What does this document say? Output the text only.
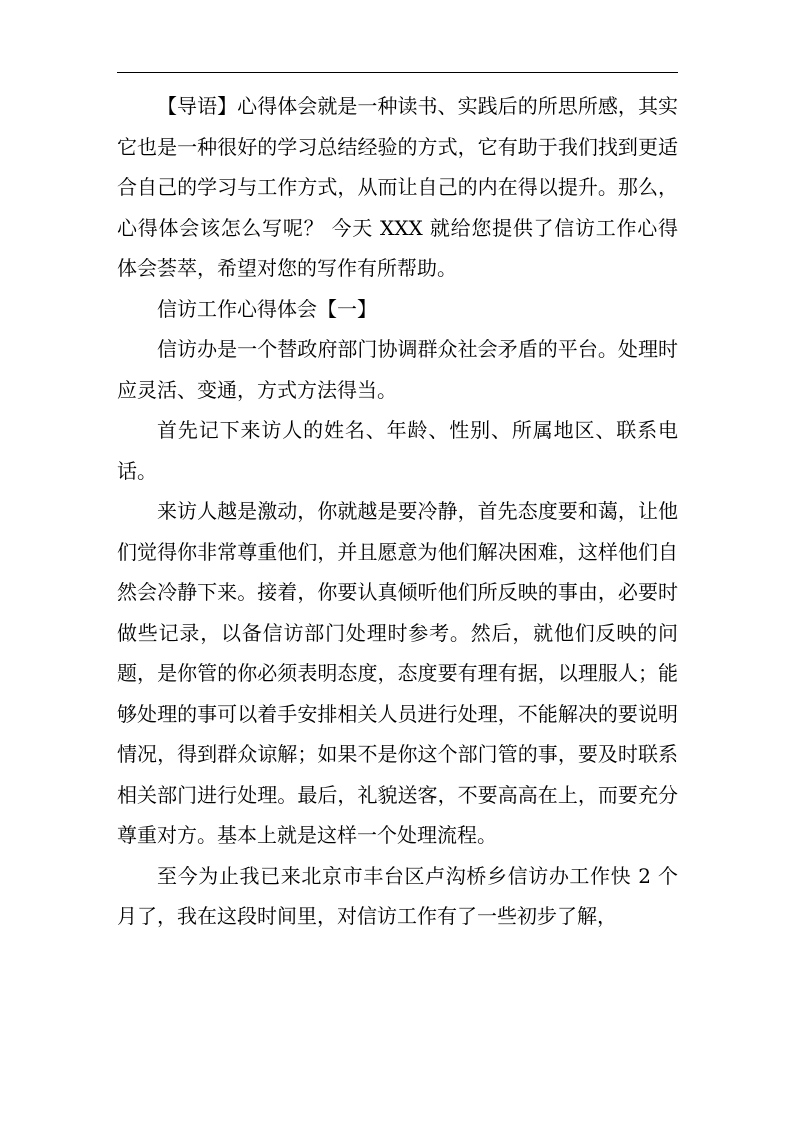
【导语】心得体会就是一种读书、实践后的所思所感，其实它也是一种很好的学习总结经验的方式，它有助于我们找到更适合自己的学习与工作方式，从而让自己的内在得以提升。那么，心得体会该怎么写呢？ 今天 XXX 就给您提供了信访工作心得体会荟萃，希望对您的写作有所帮助。

信访工作心得体会【一】

信访办是一个替政府部门协调群众社会矛盾的平台。处理时应灵活、变通，方式方法得当。

首先记下来访人的姓名、年龄、性别、所属地区、联系电话。

来访人越是激动，你就越是要冷静，首先态度要和蔼，让他们觉得你非常尊重他们，并且愿意为他们解决困难，这样他们自然会冷静下来。接着，你要认真倾听他们所反映的事由，必要时做些记录，以备信访部门处理时参考。然后，就他们反映的问题，是你管的你必须表明态度，态度要有理有据，以理服人；能够处理的事可以着手安排相关人员进行处理，不能解决的要说明情况，得到群众谅解；如果不是你这个部门管的事，要及时联系相关部门进行处理。最后，礼貌送客，不要高高在上，而要充分尊重对方。基本上就是这样一个处理流程。

至今为止我已来北京市丰台区卢沟桥乡信访办工作快 2 个月了，我在这段时间里，对信访工作有了一些初步了解，
